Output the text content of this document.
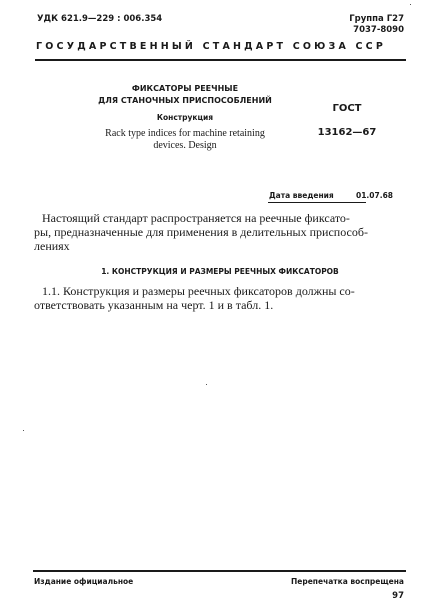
УДК 621.9—229 : 006.354	Группа Г27
7037-8090
ГОСУДАРСТВЕННЫЙ СТАНДАРТ СОЮЗА ССР
ФИКСАТОРЫ РЕЕЧНЫЕ
ДЛЯ СТАНОЧНЫХ ПРИСПОСОБЛЕНИЙ
Конструкция
Rack type indices for machine retaining
devices. Design
ГОСТ
13162—67
Дата введения	01.07.68
Настоящий стандарт распространяется на реечные фиксато-
ры, предназначенные для применения в делительных приспособ-
лениях
1. КОНСТРУКЦИЯ И РАЗМЕРЫ РЕЕЧНЫХ ФИКСАТОРОВ
1.1. Конструкция и размеры реечных фиксаторов должны со-
ответствовать указанным на черт. 1 и в табл. 1.
Издание официальное	Перепечатка воспрещена
97
